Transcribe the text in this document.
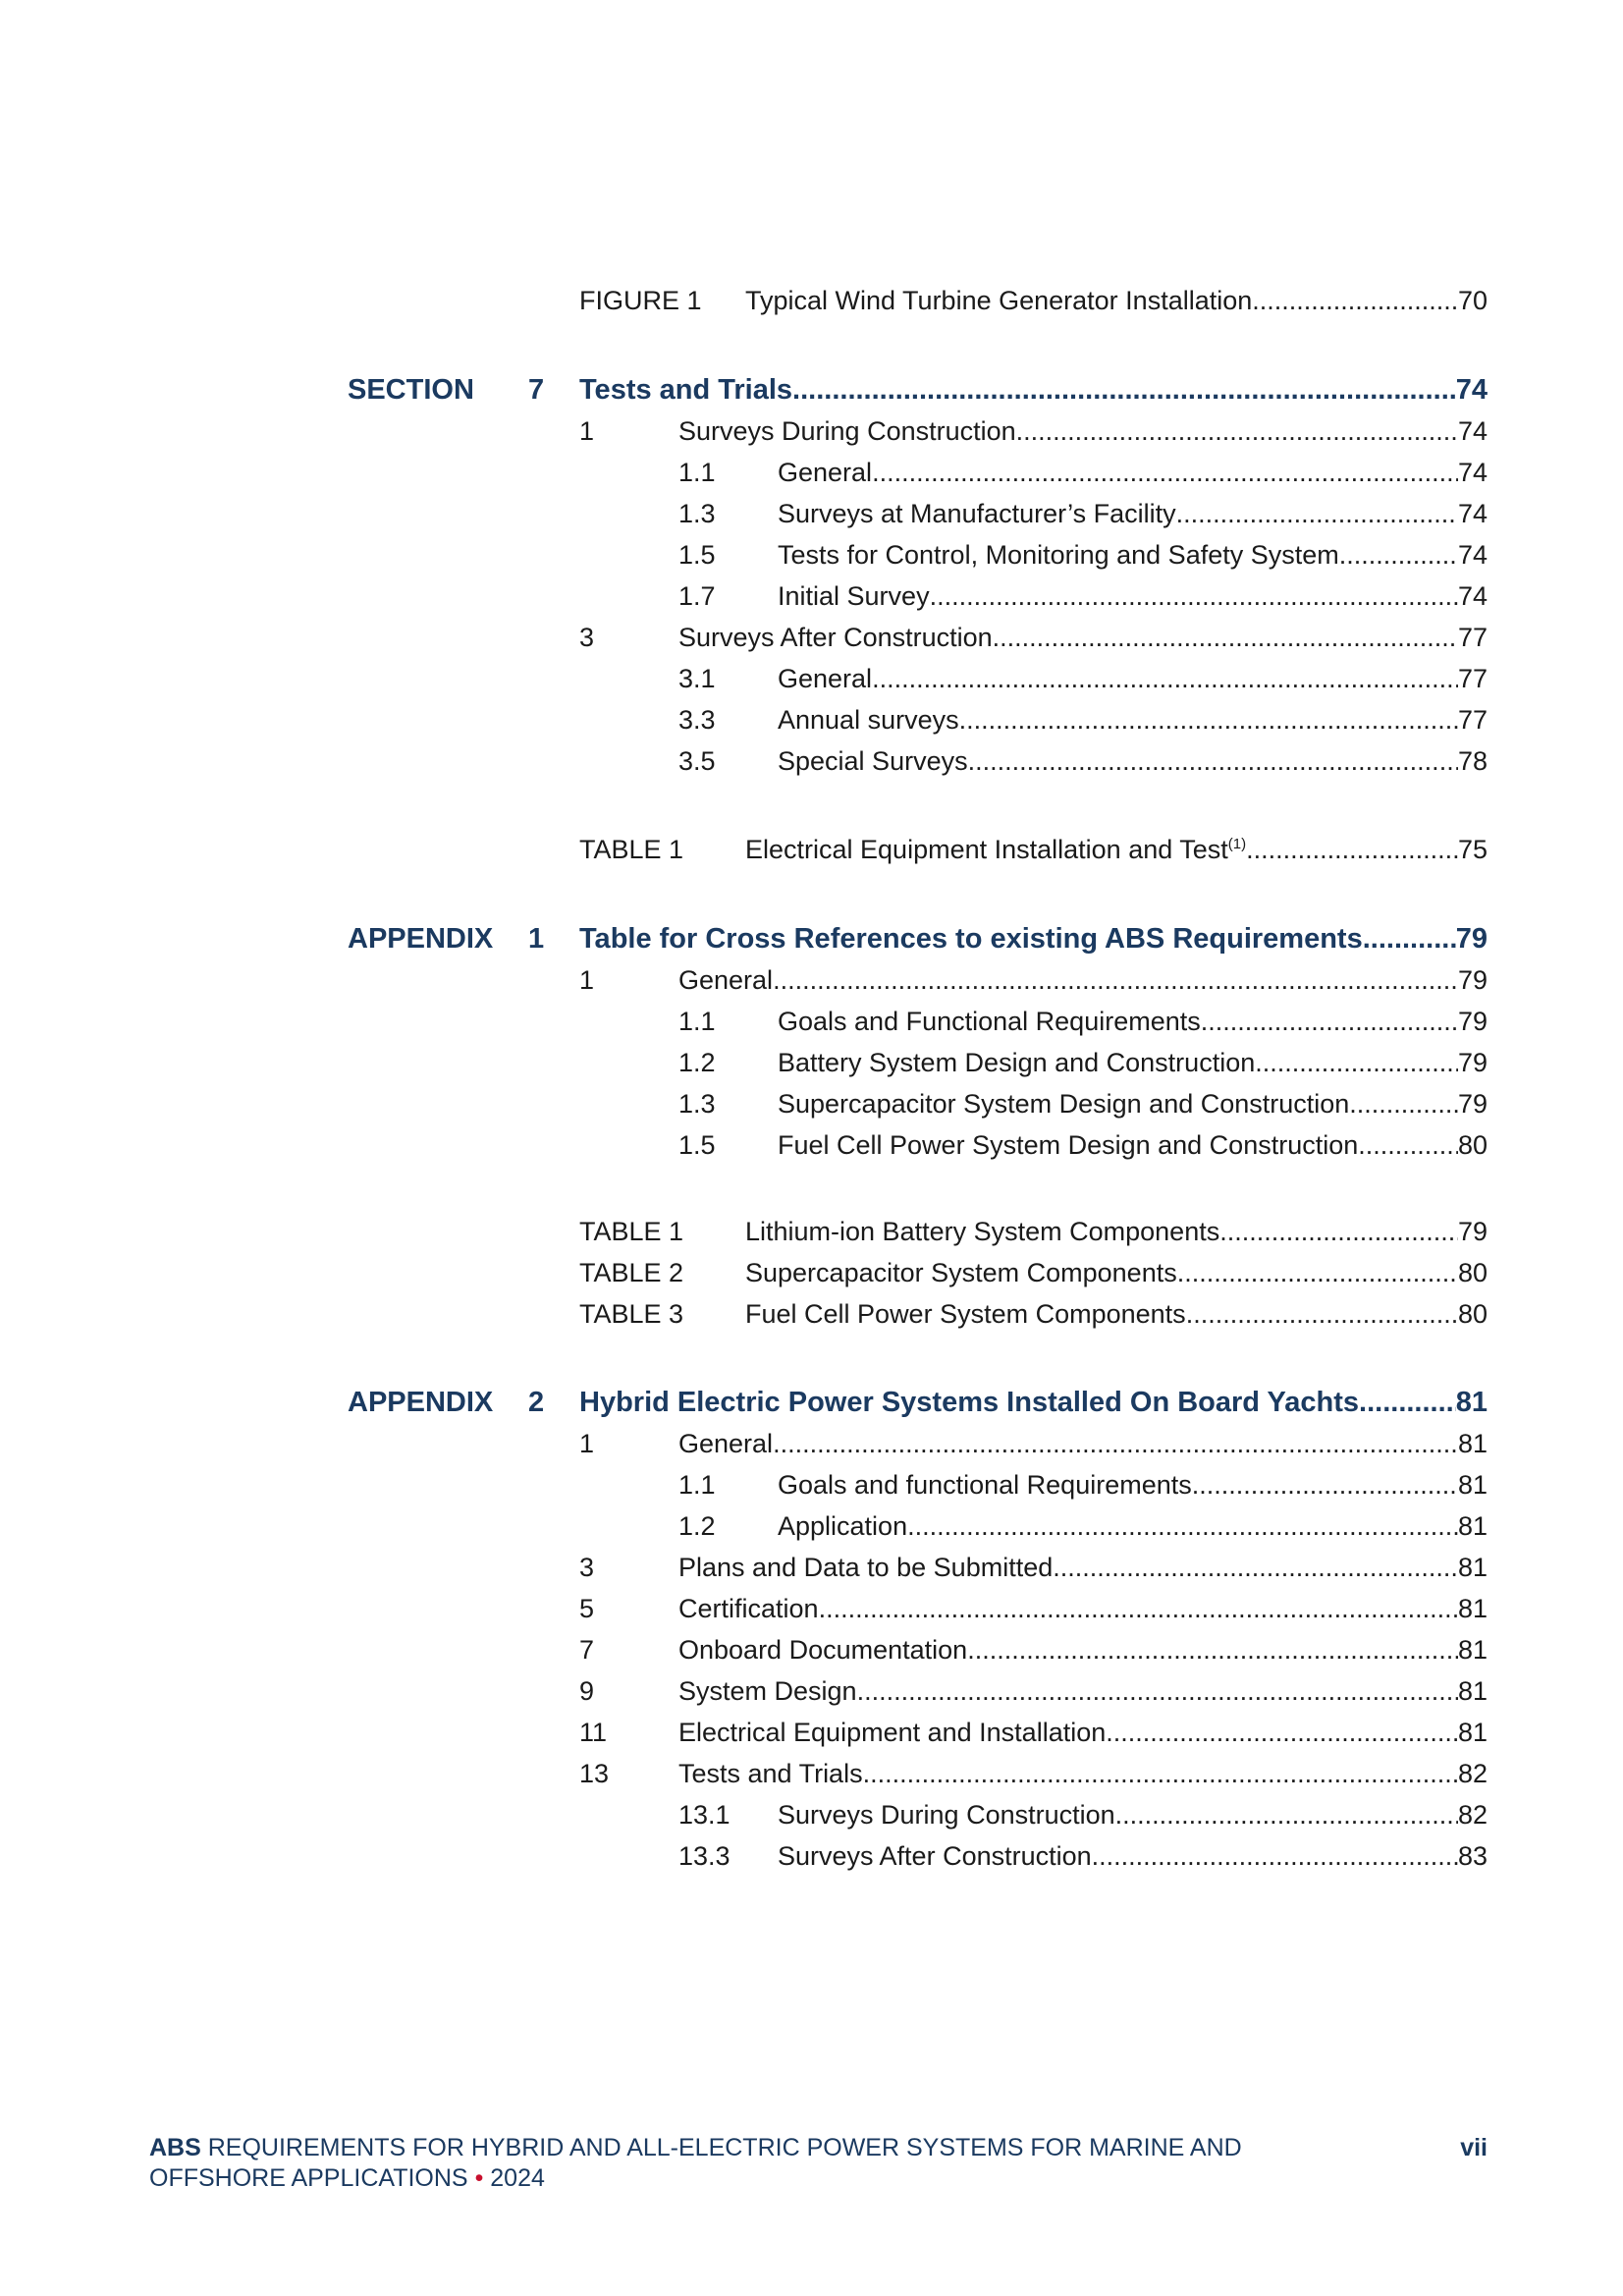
FIGURE 1 Typical Wind Turbine Generator Installation .....	70
SECTION 7 Tests and Trials .....	74
1	Surveys During Construction .....	74
1.1 General .....	74
1.3 Surveys at Manufacturer’s Facility .....	74
1.5 Tests for Control, Monitoring and Safety System .....	74
1.7 Initial Survey .....	74
3	Surveys After Construction .....	77
3.1 General .....	77
3.3 Annual surveys .....	77
3.5 Special Surveys .....	78
TABLE 1 Electrical Equipment Installation and Test$^{(1)}$ .....	75
APPENDIX 1 Table for Cross References to existing ABS Requirements .....	79
1	General .....	79
1.1 Goals and Functional Requirements .....	79
1.2 Battery System Design and Construction .....	79
1.3 Supercapacitor System Design and Construction .....	79
1.5 Fuel Cell Power System Design and Construction .....	80
TABLE 1 Lithium-ion Battery System Components .....	79
TABLE 2 Supercapacitor System Components .....	80
TABLE 3 Fuel Cell Power System Components .....	80
APPENDIX 2 Hybrid Electric Power Systems Installed On Board Yachts .....	81
1	General .....	81
1.1 Goals and functional Requirements .....	81
1.2 Application .....	81
3	Plans and Data to be Submitted .....	81
5	Certification .....	81
7	Onboard Documentation .....	81
9	System Design .....	81
11	Electrical Equipment and Installation .....	81
13	Tests and Trials .....	82
13.1 Surveys During Construction .....	82
13.3 Surveys After Construction .....	83
ABS REQUIREMENTS FOR HYBRID AND ALL-ELECTRIC POWER SYSTEMS FOR MARINE AND
OFFSHORE APPLICATIONS • 2024
vii
